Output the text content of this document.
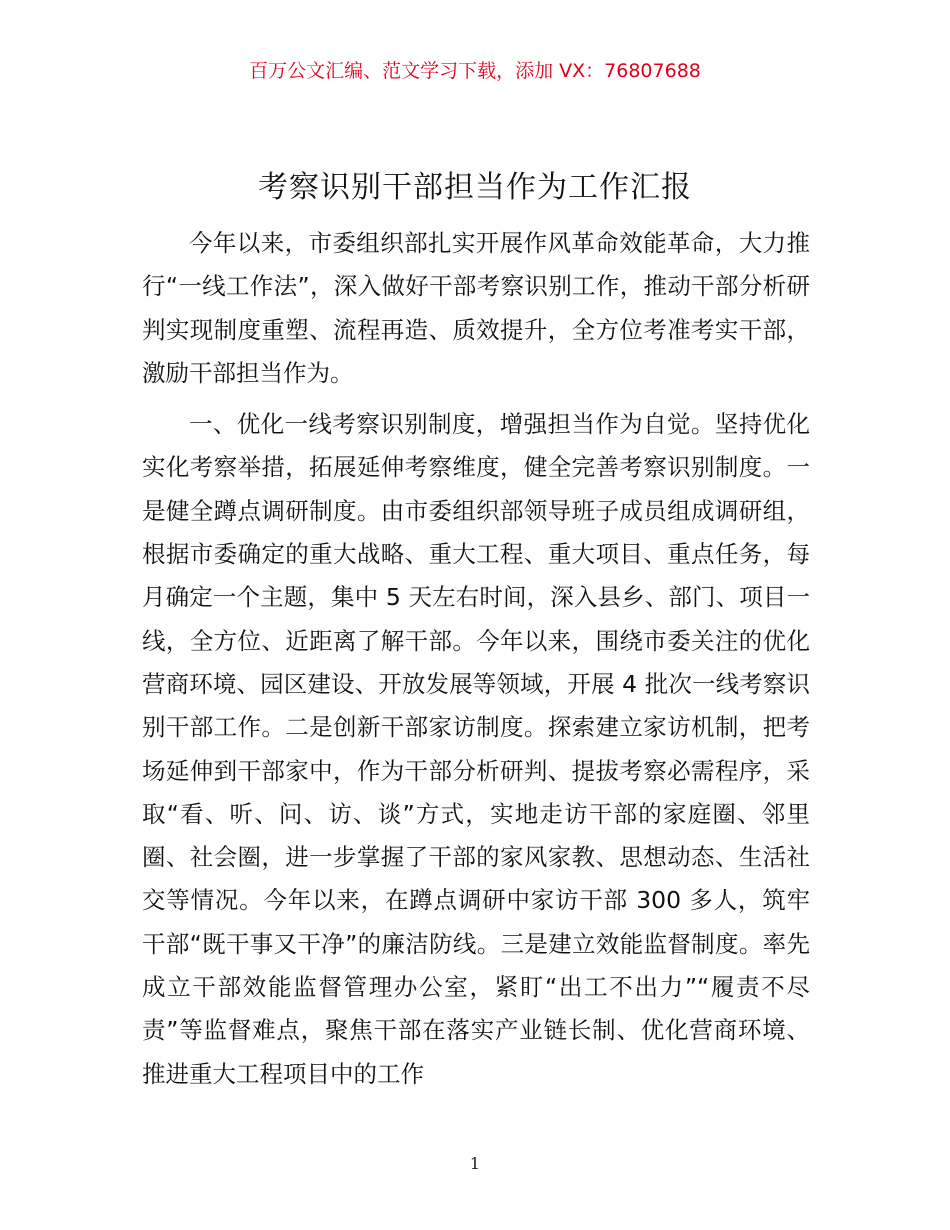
百万公文汇编、范文学习下载，添加 VX：76807688
考察识别干部担当作为工作汇报

今年以来，市委组织部扎实开展作风革命效能革命，大力推行“一线工作法”，深入做好干部考察识别工作，推动干部分析研判实现制度重塑、流程再造、质效提升，全方位考准考实干部，激励干部担当作为。

一、优化一线考察识别制度，增强担当作为自觉。坚持优化实化考察举措，拓展延伸考察维度，健全完善考察识别制度。一是健全蹲点调研制度。由市委组织部领导班子成员组成调研组，根据市委确定的重大战略、重大工程、重大项目、重点任务，每月确定一个主题，集中 5 天左右时间，深入县乡、部门、项目一线，全方位、近距离了解干部。今年以来，围绕市委关注的优化营商环境、园区建设、开放发展等领域，开展 4 批次一线考察识别干部工作。二是创新干部家访制度。探索建立家访机制，把考场延伸到干部家中，作为干部分析研判、提拔考察必需程序，采取“看、听、问、访、谈”方式，实地走访干部的家庭圈、邻里圈、社会圈，进一步掌握了干部的家风家教、思想动态、生活社交等情况。今年以来，在蹲点调研中家访干部 300 多人，筑牢干部“既干事又干净”的廉洁防线。三是建立效能监督制度。率先成立干部效能监督管理办公室，紧盯“出工不出力”“履责不尽责”等监督难点，聚焦干部在落实产业链长制、优化营商环境、推进重大工程项目中的工作

1
